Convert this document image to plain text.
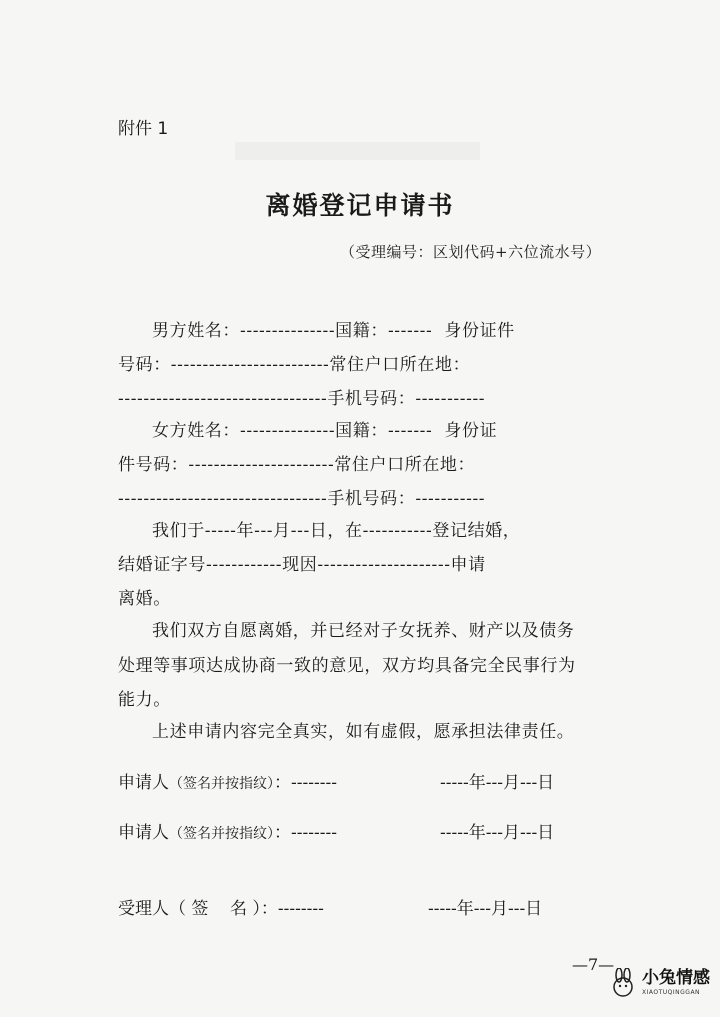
附件 1
离婚登记申请书
（受理编号：区划代码+六位流水号）
男方姓名：---------------国籍：-------  身份证件
号码：-------------------------常住户口所在地：
---------------------------------手机号码：-----------
女方姓名：---------------国籍：-------  身份证
件号码：-----------------------常住户口所在地：
---------------------------------手机号码：-----------
我们于-----年---月---日，在-----------登记结婚，
结婚证字号------------现因---------------------申请
离婚。
我们双方自愿离婚，并已经对子女抚养、财产以及债务
处理等事项达成协商一致的意见，双方均具备完全民事行为
能力。
上述申请内容完全真实，如有虚假，愿承担法律责任。
申请人（签名并按指纹）：--------	-----年---月---日
申请人（签名并按指纹）：--------	-----年---月---日
受理人（ 签    名 ）：--------	-----年---月---日
—7—
小兔情感
XIAOTUQINGGAN
